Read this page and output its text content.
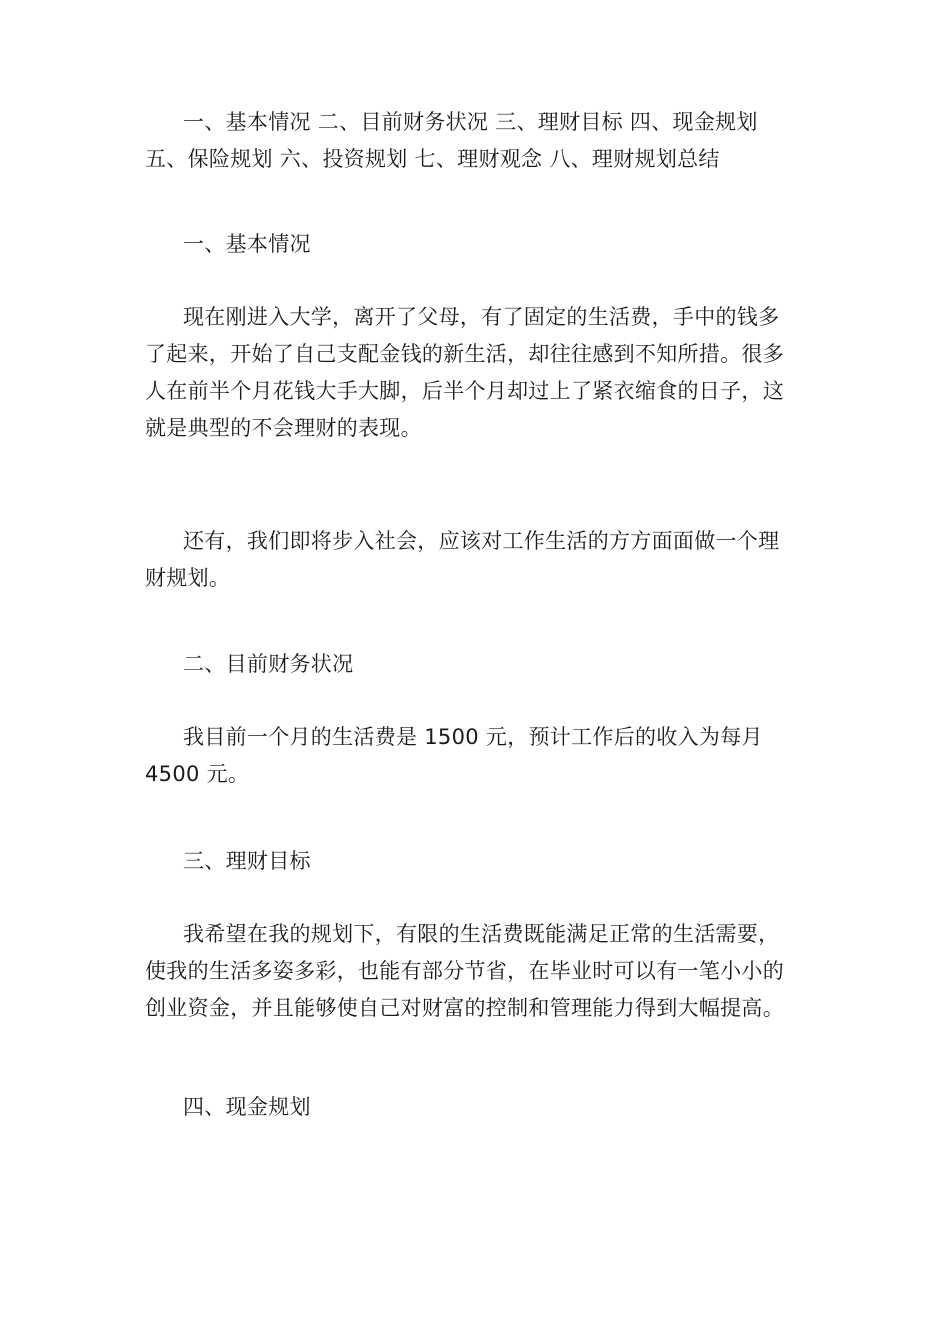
一、基本情况 二、目前财务状况 三、理财目标 四、现金规划
五、保险规划 六、投资规划 七、理财观念 八、理财规划总结
一、基本情况
现在刚进入大学，离开了父母，有了固定的生活费，手中的钱多
了起来，开始了自己支配金钱的新生活，却往往感到不知所措。很多
人在前半个月花钱大手大脚，后半个月却过上了紧衣缩食的日子，这
就是典型的不会理财的表现。
还有，我们即将步入社会，应该对工作生活的方方面面做一个理
财规划。
二、目前财务状况
我目前一个月的生活费是 1500 元，预计工作后的收入为每月
4500 元。
三、理财目标
我希望在我的规划下，有限的生活费既能满足正常的生活需要，
使我的生活多姿多彩，也能有部分节省，在毕业时可以有一笔小小的
创业资金，并且能够使自己对财富的控制和管理能力得到大幅提高。
四、现金规划
